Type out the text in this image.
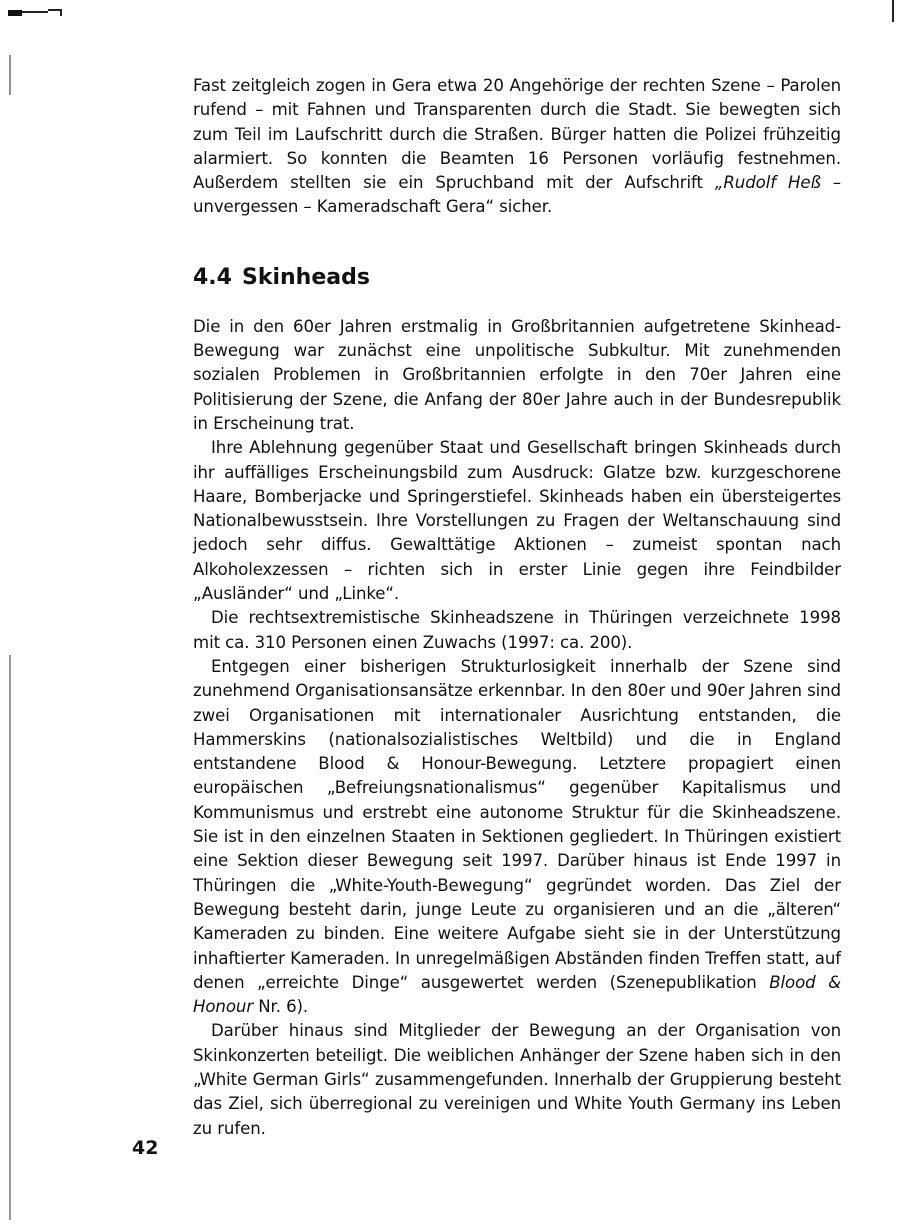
Fast zeitgleich zogen in Gera etwa 20 Angehörige der rechten Szene – Parolen rufend – mit Fahnen und Transparenten durch die Stadt. Sie bewegten sich zum Teil im Laufschritt durch die Straßen. Bürger hatten die Polizei frühzeitig alarmiert. So konnten die Beamten 16 Personen vorläufig festnehmen. Außerdem stellten sie ein Spruchband mit der Aufschrift „Rudolf Heß – unvergessen – Kameradschaft Gera“ sicher.

4.4 Skinheads

Die in den 60er Jahren erstmalig in Großbritannien aufgetretene Skinhead-Bewegung war zunächst eine unpolitische Subkultur. Mit zunehmenden sozialen Problemen in Großbritannien erfolgte in den 70er Jahren eine Politisierung der Szene, die Anfang der 80er Jahre auch in der Bundesrepublik in Erscheinung trat.

Ihre Ablehnung gegenüber Staat und Gesellschaft bringen Skinheads durch ihr auffälliges Erscheinungsbild zum Ausdruck: Glatze bzw. kurzgeschorene Haare, Bomberjacke und Springerstiefel. Skinheads haben ein übersteigertes Nationalbewusstsein. Ihre Vorstellungen zu Fragen der Weltanschauung sind jedoch sehr diffus. Gewalttätige Aktionen – zumeist spontan nach Alkoholexzessen – richten sich in erster Linie gegen ihre Feindbilder „Ausländer“ und „Linke“.

Die rechtsextremistische Skinheadszene in Thüringen verzeichnete 1998 mit ca. 310 Personen einen Zuwachs (1997: ca. 200).

Entgegen einer bisherigen Strukturlosigkeit innerhalb der Szene sind zunehmend Organisationsansätze erkennbar. In den 80er und 90er Jahren sind zwei Organisationen mit internationaler Ausrichtung entstanden, die Hammerskins (nationalsozialistisches Weltbild) und die in England entstandene Blood & Honour-Bewegung. Letztere propagiert einen europäischen „Befreiungsnationalismus“ gegenüber Kapitalismus und Kommunismus und erstrebt eine autonome Struktur für die Skinheadszene. Sie ist in den einzelnen Staaten in Sektionen gegliedert. In Thüringen existiert eine Sektion dieser Bewegung seit 1997. Darüber hinaus ist Ende 1997 in Thüringen die „White-Youth-Bewegung“ gegründet worden. Das Ziel der Bewegung besteht darin, junge Leute zu organisieren und an die „älteren“ Kameraden zu binden. Eine weitere Aufgabe sieht sie in der Unterstützung inhaftierter Kameraden. In unregelmäßigen Abständen finden Treffen statt, auf denen „erreichte Dinge“ ausgewertet werden (Szenepublikation Blood & Honour Nr. 6).

Darüber hinaus sind Mitglieder der Bewegung an der Organisation von Skinkonzerten beteiligt. Die weiblichen Anhänger der Szene haben sich in den „White German Girls“ zusammengefunden. Innerhalb der Gruppierung besteht das Ziel, sich überregional zu vereinigen und White Youth Germany ins Leben zu rufen.

42
